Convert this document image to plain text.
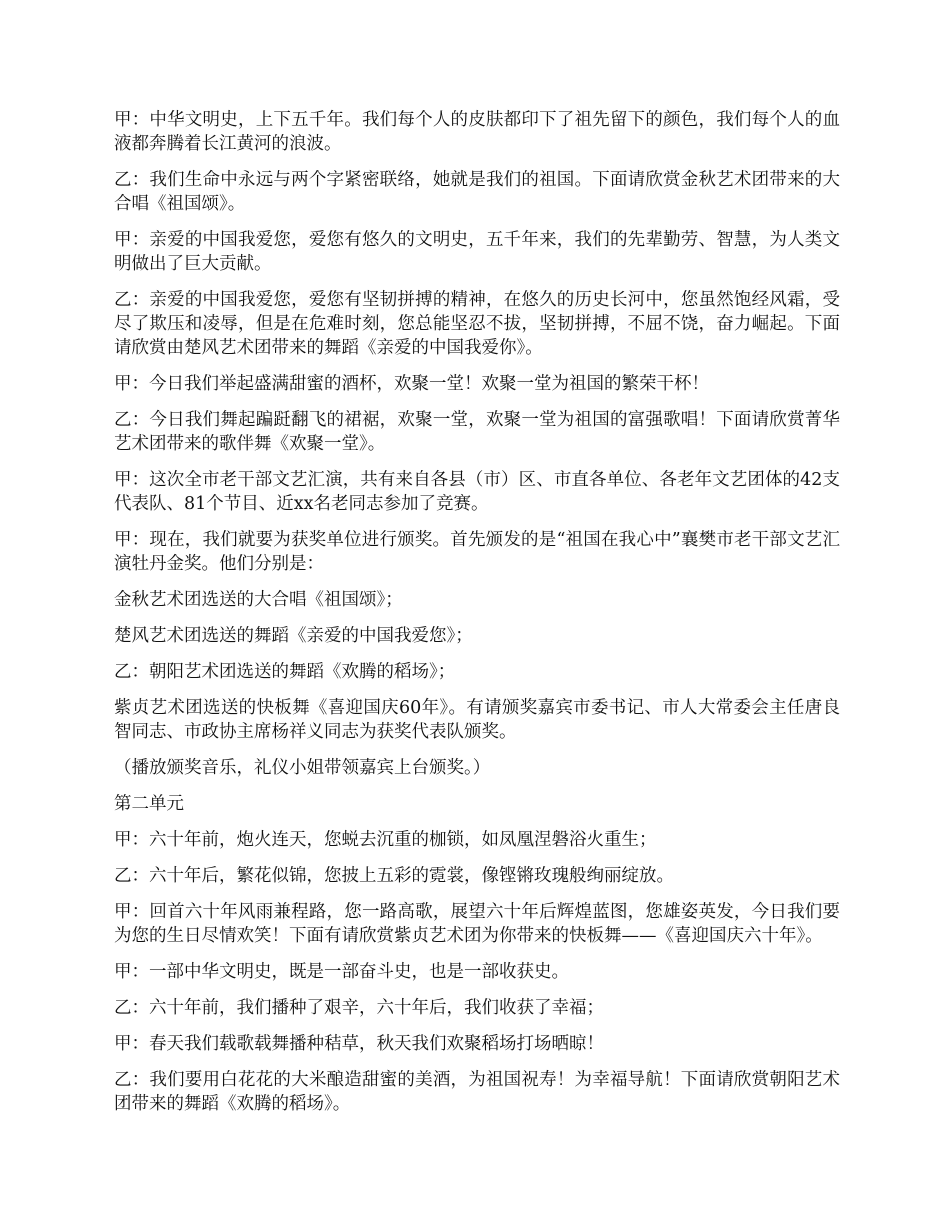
甲：中华文明史，上下五千年。我们每个人的皮肤都印下了祖先留下的颜色，我们每个人的血液都奔腾着长江黄河的浪波。

乙：我们生命中永远与两个字紧密联络，她就是我们的祖国。下面请欣赏金秋艺术团带来的大合唱《祖国颂》。

甲：亲爱的中国我爱您，爱您有悠久的文明史，五千年来，我们的先辈勤劳、智慧，为人类文明做出了巨大贡献。

乙：亲爱的中国我爱您，爱您有坚韧拼搏的精神，在悠久的历史长河中，您虽然饱经风霜，受尽了欺压和凌辱，但是在危难时刻，您总能坚忍不拔，坚韧拼搏，不屈不饶，奋力崛起。下面请欣赏由楚风艺术团带来的舞蹈《亲爱的中国我爱你》。

甲：今日我们举起盛满甜蜜的酒杯，欢聚一堂！欢聚一堂为祖国的繁荣干杯！

乙：今日我们舞起蹁跹翻飞的裙裾，欢聚一堂，欢聚一堂为祖国的富强歌唱！下面请欣赏菁华艺术团带来的歌伴舞《欢聚一堂》。

甲：这次全市老干部文艺汇演，共有来自各县（市）区、市直各单位、各老年文艺团体的42支代表队、81个节目、近xx名老同志参加了竞赛。

甲：现在，我们就要为获奖单位进行颁奖。首先颁发的是“祖国在我心中”襄樊市老干部文艺汇演牡丹金奖。他们分别是：

金秋艺术团选送的大合唱《祖国颂》；

楚风艺术团选送的舞蹈《亲爱的中国我爱您》；

乙：朝阳艺术团选送的舞蹈《欢腾的稻场》；

紫贞艺术团选送的快板舞《喜迎国庆60年》。有请颁奖嘉宾市委书记、市人大常委会主任唐良智同志、市政协主席杨祥义同志为获奖代表队颁奖。

（播放颁奖音乐，礼仪小姐带领嘉宾上台颁奖。）

第二单元

甲：六十年前，炮火连天，您蜕去沉重的枷锁，如凤凰涅磐浴火重生；

乙：六十年后，繁花似锦，您披上五彩的霓裳，像铿锵玫瑰般绚丽绽放。

甲：回首六十年风雨兼程路，您一路高歌，展望六十年后辉煌蓝图，您雄姿英发，今日我们要为您的生日尽情欢笑！下面有请欣赏紫贞艺术团为你带来的快板舞——《喜迎国庆六十年》。

甲：一部中华文明史，既是一部奋斗史，也是一部收获史。

乙：六十年前，我们播种了艰辛，六十年后，我们收获了幸福；

甲：春天我们载歌载舞播种秸草，秋天我们欢聚稻场打场晒晾！

乙：我们要用白花花的大米酿造甜蜜的美酒，为祖国祝寿！为幸福导航！下面请欣赏朝阳艺术团带来的舞蹈《欢腾的稻场》。
